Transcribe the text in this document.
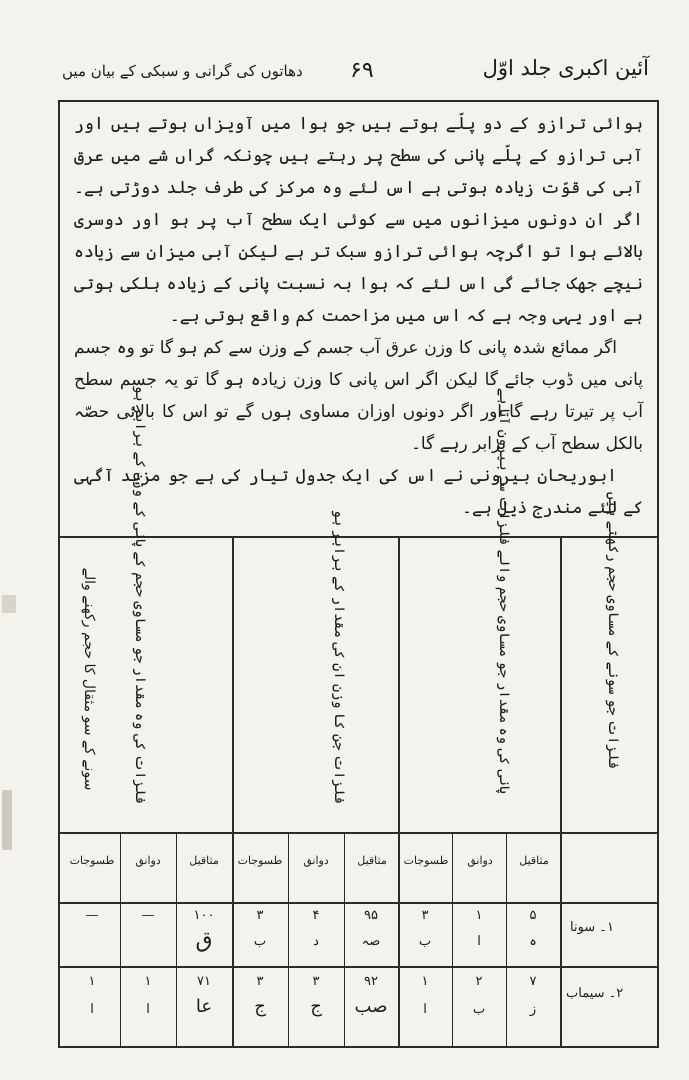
آئین اکبری جلد اوّل
۶۹
دھاتوں کی گرانی و سبکی کے بیان میں

ہوائی ترازو کے دو پلّے ہوتے ہیں جو ہوا میں آویزاں ہوتے ہیں اور آبی ترازو کے پلّے پانی کی سطح پر رہتے ہیں چونکہ گراں شے میں عرق آبی کی قوّت زیادہ ہوتی ہے اس لئے وہ مرکز کی طرف جلد دوڑتی ہے۔ اگر ان دونوں میزانوں میں سے کوئی ایک سطح آب پر ہو اور دوسری بالائے ہوا تو اگرچہ ہوائی ترازو سبک تر ہے لیکن آبی میزان سے زیادہ نیچے جھک جائے گی اس لئے کہ ہوا بہ نسبت پانی کے زیادہ ہلکی ہوتی ہے اور یہی وجہ ہے کہ اس میں مزاحمت کم واقع ہوتی ہے۔

اگر ممائع شدہ پانی کا وزن عرق آب جسم کے وزن سے کم ہو گا تو وہ جسم پانی میں ڈوب جائے گا لیکن اگر اس پانی کا وزن زیادہ ہو گا تو یہ جسم سطح آب پر تیرتا رہے گا اور اگر دونوں اوزان مساوی ہوں گے تو اس کا بالائی حصّہ بالکل سطح آب کے برابر رہے گا۔

ابوریحان بیرونی نے اس کی ایک جدول تیار کی ہے جو مزید آگہی کے لئے مندرج ذیل ہے۔

فلزات جو سونے کے مساوی حجم رکھتے ہیں
پانی کی وہ مقدار جو مساوی حجم والے فلزات سے بیرون آتا ہے
فلزات جن کا وزن ان کی مقدار کے برابر ہو
فلزات کی وہ مقدار جو مساوی حجم کے پانی کے وزن کے برابر ہو
سونے کے سو مثقال کا حجم رکھنے والے
مثاقیل
دوانق
طسوجات
مثاقیل
دوانق
طسوجات
مثاقیل
دوانق
طسوجات
۱۔ سونا
۵
۱
۳
۹۵
۴
۳
۱۰۰
—
—
ہ
ا
ب
صہ
د
ب
ق
۲۔ سیماب
۷
۲
۱
۹۲
۳
۳
۷۱
۱
۱
ز
ب
ا
صب
ج
ج
عا
ا
ا
